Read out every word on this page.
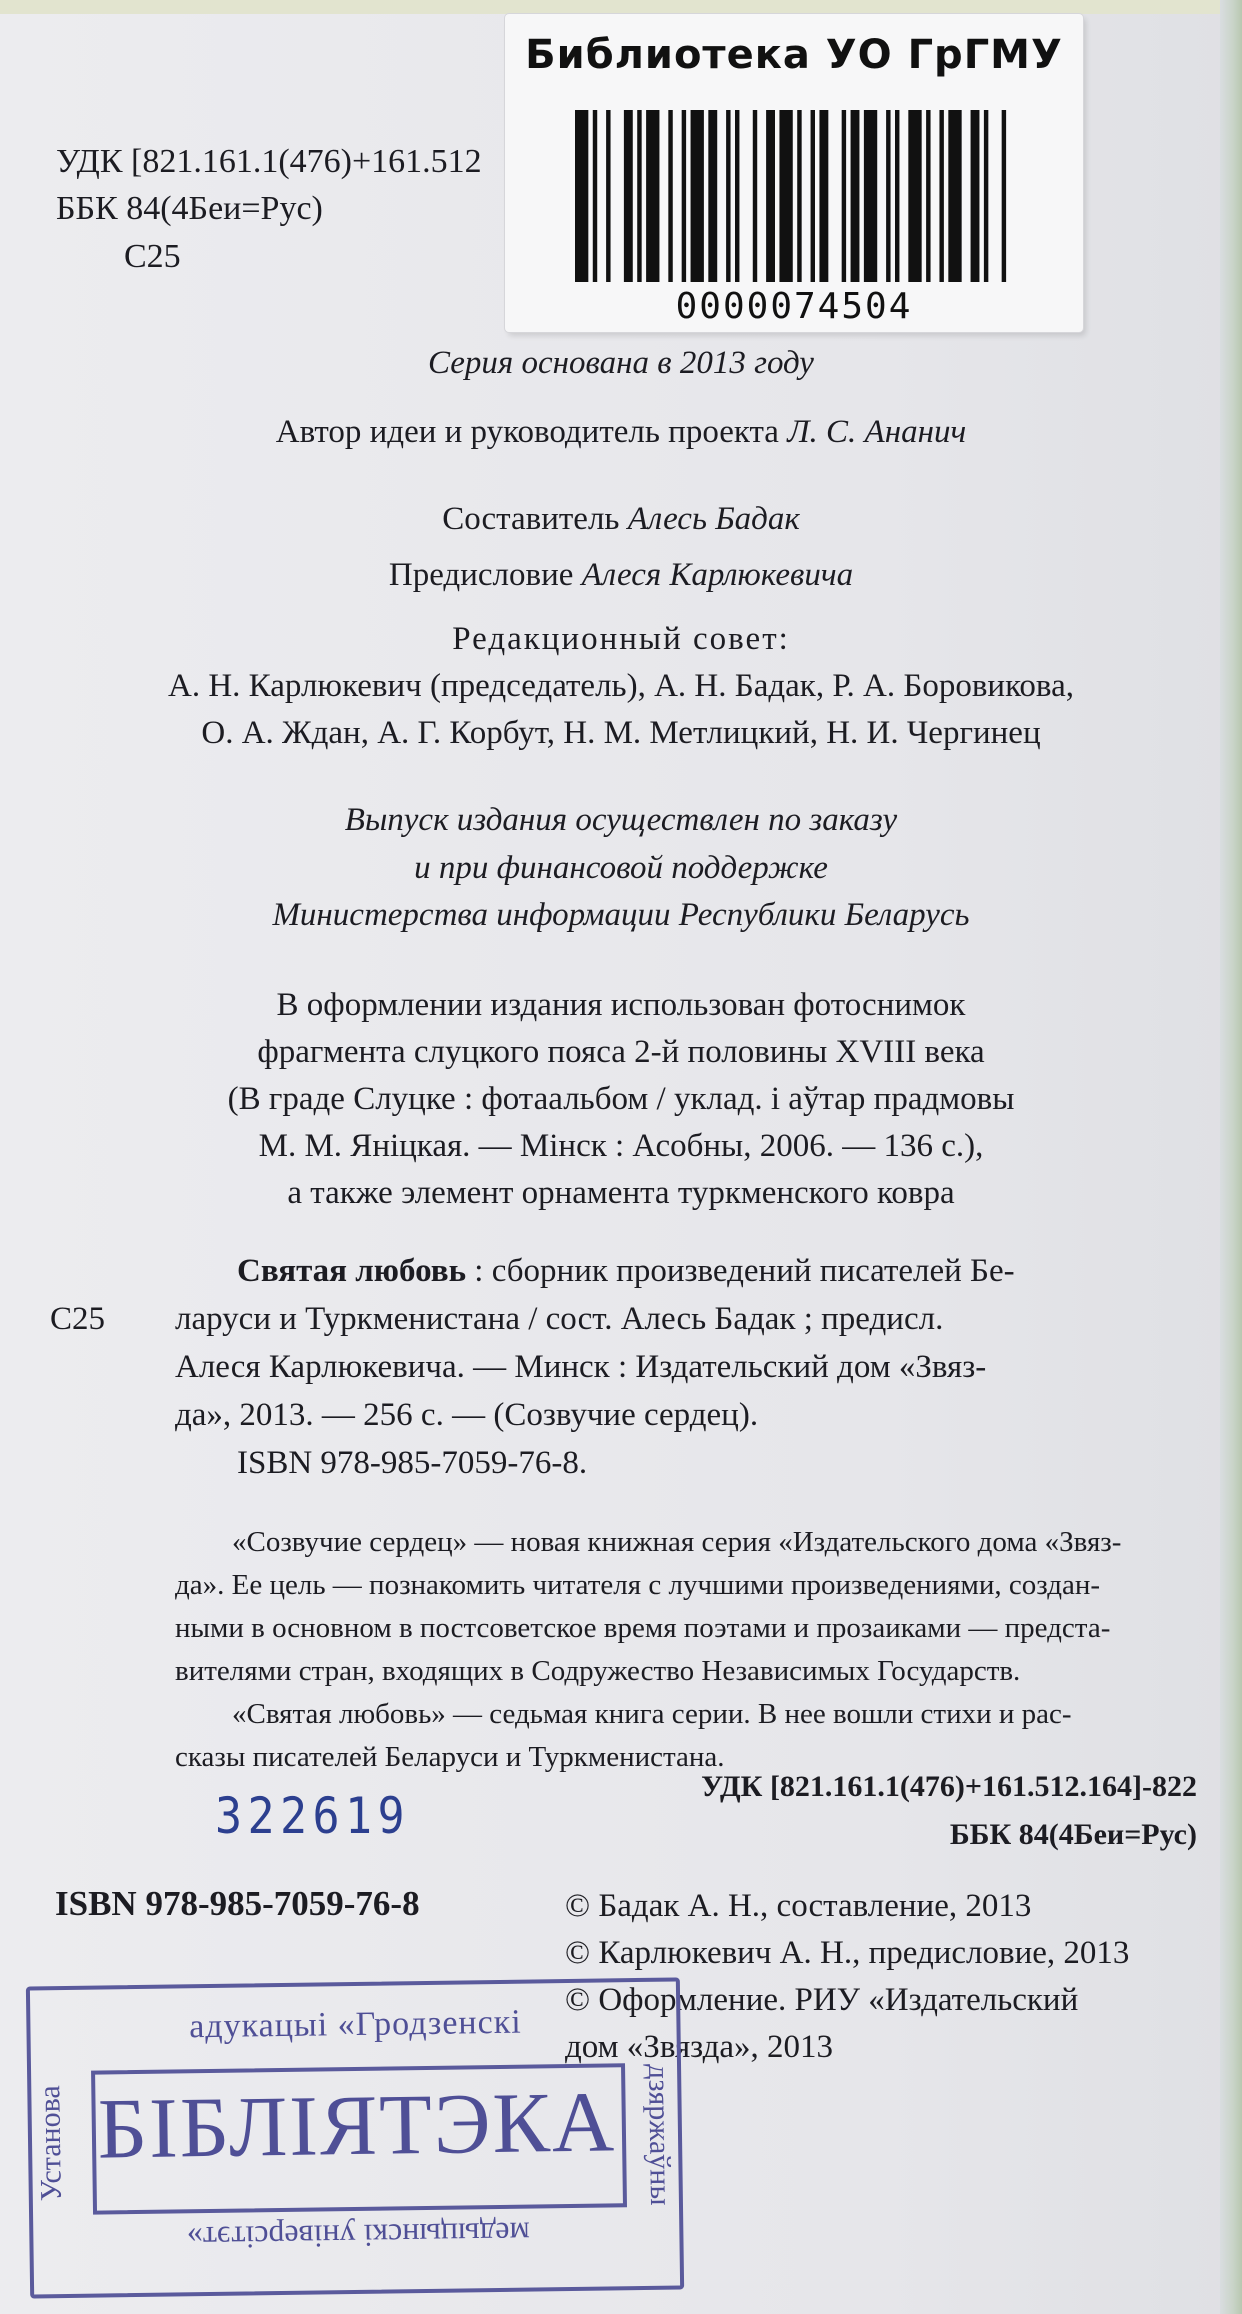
Библиотека УО ГрГМУ
0000074504
УДК [821.161.1(476)+161.512
ББК 84(4Беи=Рус)
С25
Серия основана в 2013 году
Автор идеи и руководитель проекта Л. С. Ананич
Составитель Алесь Бадак
Предисловие Алеся Карлюкевича
Редакционный совет:
А. Н. Карлюкевич (председатель), А. Н. Бадак, Р. А. Боровикова,
О. А. Ждан, А. Г. Корбут, Н. М. Метлицкий, Н. И. Чергинец
Выпуск издания осуществлен по заказу
и при финансовой поддержке
Министерства информации Республики Беларусь
В оформлении издания использован фотоснимок
фрагмента слуцкого пояса 2-й половины XVIII века
(В граде Слуцке : фотаальбом / уклад. і аўтар прадмовы
М. М. Яніцкая. — Мінск : Асобны, 2006. — 136 с.),
а также элемент орнамента туркменского ковра
С25
Святая любовь : сборник произведений писателей Бе-
ларуси и Туркменистана / сост. Алесь Бадак ; предисл.
Алеся Карлюкевича. — Минск : Издательский дом «Звяз-
да», 2013. — 256 с. — (Созвучие сердец).
ISBN 978-985-7059-76-8.
«Созвучие сердец» — новая книжная серия «Издательского дома «Звяз-
да». Ее цель — познакомить читателя с лучшими произведениями, создан-
ными в основном в постсоветское время поэтами и прозаиками — предста-
вителями стран, входящих в Содружество Независимых Государств.
«Святая любовь» — седьмая книга серии. В нее вошли стихи и рас-
сказы писателей Беларуси и Туркменистана.
УДК [821.161.1(476)+161.512.164]-822
ББК 84(4Беи=Рус)
322619
ISBN 978-985-7059-76-8	© Бадак А. Н., составление, 2013
© Карлюкевич А. Н., предисловие, 2013
© Оформление. РИУ «Издательский
дом «Звязда», 2013
адукацыі «Гродзенскі
БІБЛІЯТЭКА
медыцынскі універсітэт»
Установа	дзяржаўны
